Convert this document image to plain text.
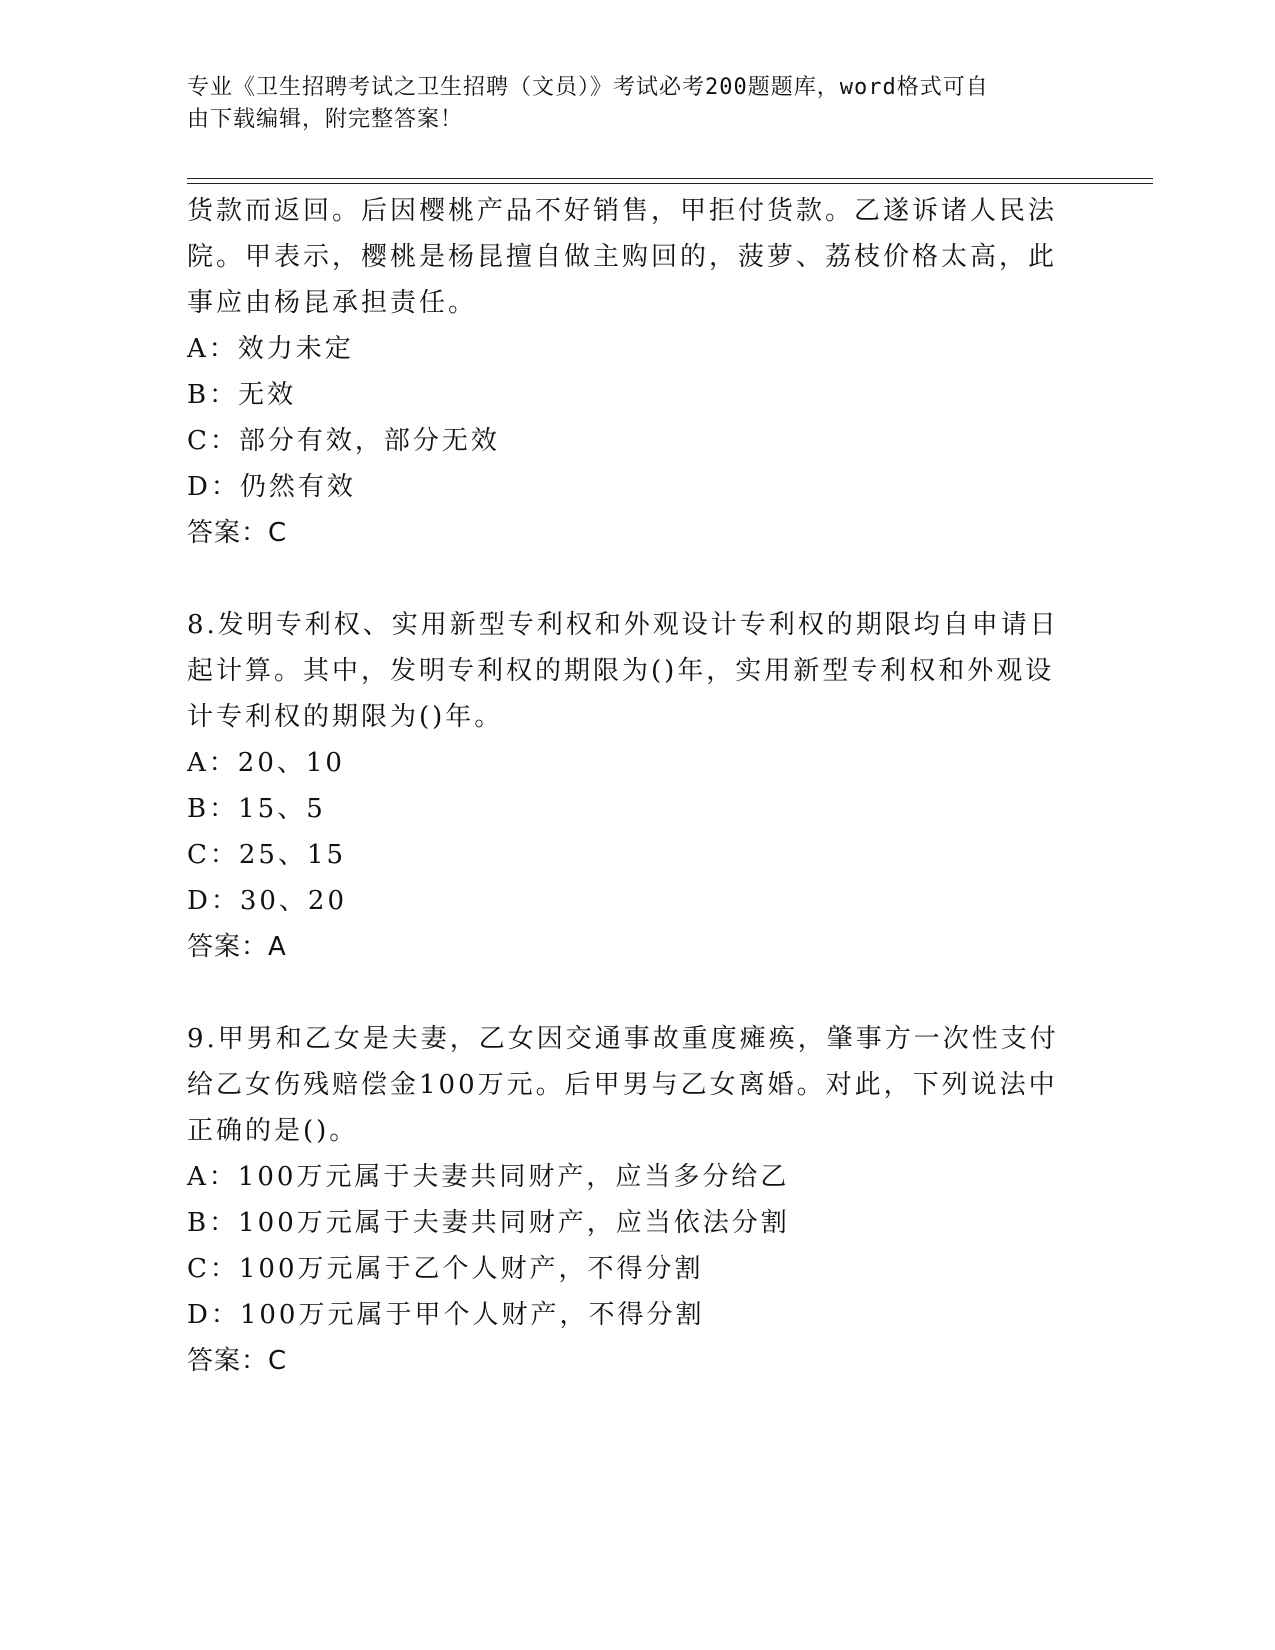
专业《卫生招聘考试之卫生招聘（文员）》考试必考200题题库，word格式可自
由下载编辑，附完整答案！

货款而返回。后因樱桃产品不好销售，甲拒付货款。乙遂诉诸人民法
院。甲表示，樱桃是杨昆擅自做主购回的，菠萝、荔枝价格太高，此
事应由杨昆承担责任。

A：效力未定

B：无效

C：部分有效，部分无效

D：仍然有效

答案：C

8.发明专利权、实用新型专利权和外观设计专利权的期限均自申请日
起计算。其中，发明专利权的期限为()年，实用新型专利权和外观设
计专利权的期限为()年。

A：20、10

B：15、5

C：25、15

D：30、20

答案：A

9.甲男和乙女是夫妻，乙女因交通事故重度瘫痪，肇事方一次性支付
给乙女伤残赔偿金100万元。后甲男与乙女离婚。对此，下列说法中
正确的是()。

A：100万元属于夫妻共同财产，应当多分给乙

B：100万元属于夫妻共同财产，应当依法分割

C：100万元属于乙个人财产，不得分割

D：100万元属于甲个人财产，不得分割

答案：C
